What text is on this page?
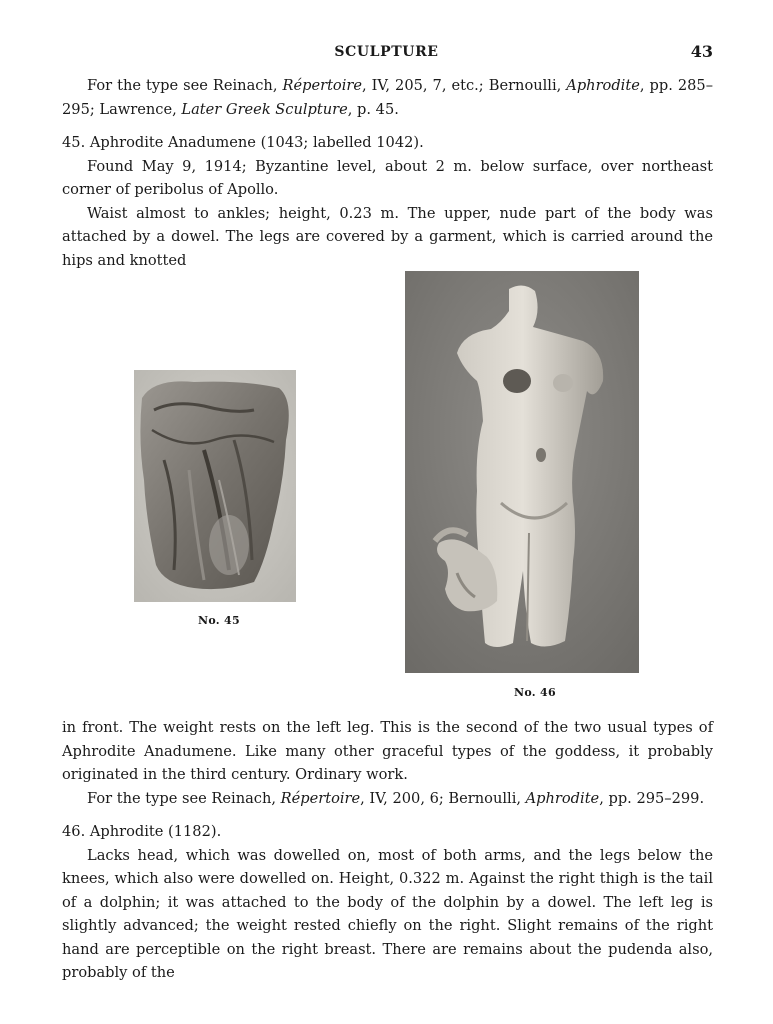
SCULPTURE	43

For the type see Reinach, Répertoire, IV, 205, 7, etc.; Bernoulli, Aphrodite, pp. 285–295; Lawrence, Later Greek Sculpture, p. 45.

45. Aphrodite Anadumene (1043; labelled 1042).

Found May 9, 1914; Byzantine level, about 2 m. below surface, over northeast corner of peribolus of Apollo.

Waist almost to ankles; height, 0.23 m. The upper, nude part of the body was attached by a dowel. The legs are covered by a garment, which is carried around the hips and knotted

No. 45
No. 46

in front. The weight rests on the left leg. This is the second of the two usual types of Aphrodite Anadumene. Like many other graceful types of the goddess, it probably originated in the third century. Ordinary work.

For the type see Reinach, Répertoire, IV, 200, 6; Bernoulli, Aphrodite, pp. 295–299.

46. Aphrodite (1182).

Lacks head, which was dowelled on, most of both arms, and the legs below the knees, which also were dowelled on. Height, 0.322 m. Against the right thigh is the tail of a dolphin; it was attached to the body of the dolphin by a dowel. The left leg is slightly advanced; the weight rested chiefly on the right. Slight remains of the right hand are perceptible on the right breast. There are remains about the pudenda also, probably of the
